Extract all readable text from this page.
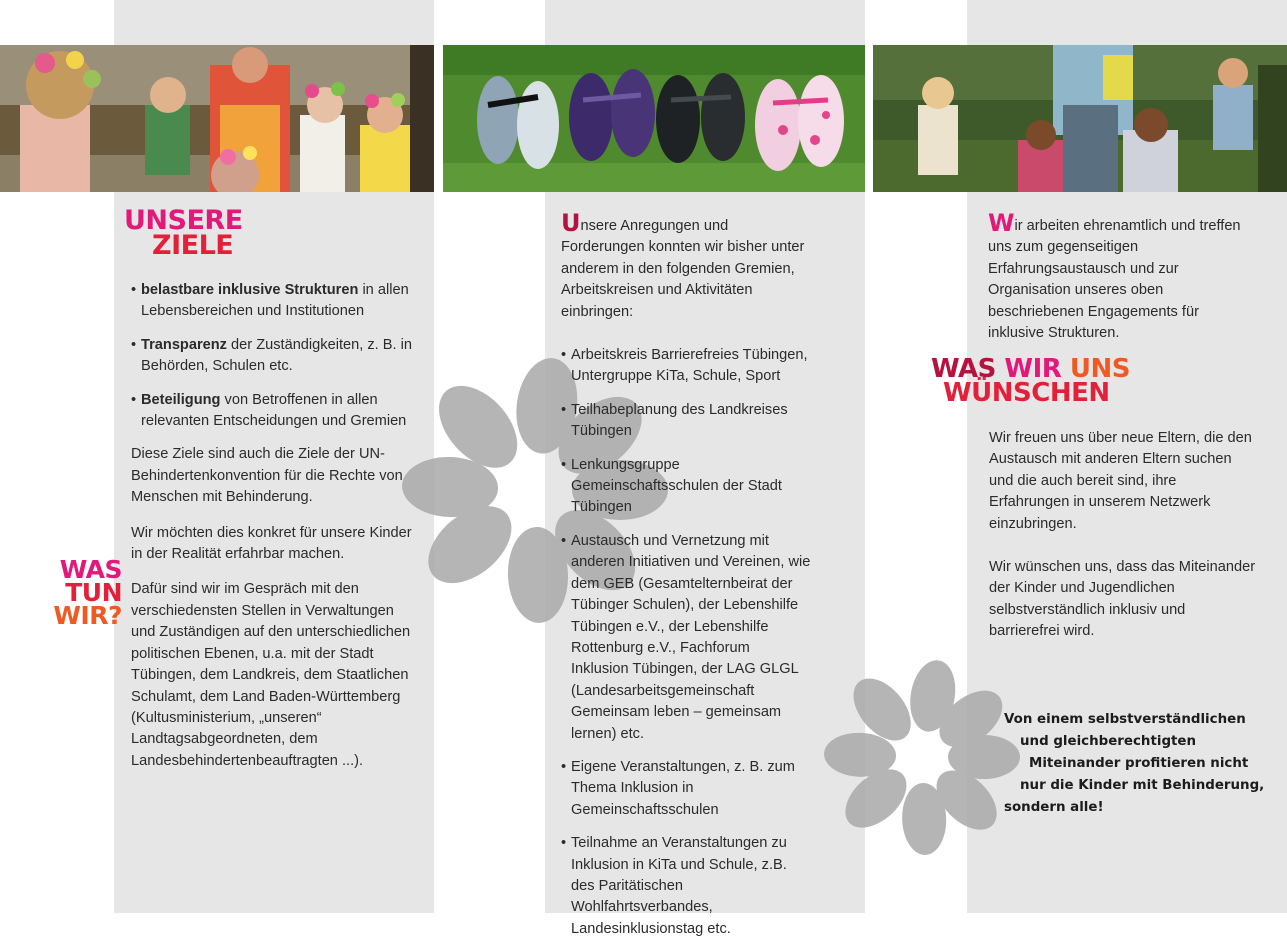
UNSERE
ZIELE
• belastbare inklusive Strukturen in allen Lebensbereichen und Institutionen
• Transparenz der Zuständigkeiten, z. B. in Behörden, Schulen etc.
• Beteiligung von Betroffenen in allen relevanten Entscheidungen und Gremien

Diese Ziele sind auch die Ziele der UN-Behindertenkonvention für die Rechte von Menschen mit Behinderung.

Wir möchten dies konkret für unsere Kinder in der Realität erfahrbar machen.

Dafür sind wir im Gespräch mit den verschiedensten Stellen in Verwaltungen und Zuständigen auf den unterschiedlichen politischen Ebenen, u.a. mit der Stadt Tübingen, dem Landkreis, dem Staatlichen Schulamt, dem Land Baden-Württemberg (Kultusministerium, „unseren“ Landtagsabgeordneten, dem Landesbehindertenbeauftragten ...).

WAS
TUN
WIR?

Unsere Anregungen und Forderungen konnten wir bisher unter anderem in den folgenden Gremien, Arbeitskreisen und Aktivitäten einbringen:

• Arbeitskreis Barrierefreies Tübingen, Untergruppe KiTa, Schule, Sport
• Teilhabeplanung des Landkreises Tübingen
• Lenkungsgruppe Gemeinschaftsschulen der Stadt Tübingen
• Austausch und Vernetzung mit anderen Initiativen und Vereinen, wie dem GEB (Gesamtelternbeirat der Tübinger Schulen), der Lebenshilfe Tübingen e.V., der Lebenshilfe Rottenburg e.V., Fachforum Inklusion Tübingen, der LAG GLGL (Landesarbeitsgemeinschaft Gemeinsam leben – gemeinsam lernen) etc.
• Eigene Veranstaltungen, z. B. zum Thema Inklusion in Gemeinschaftsschulen
• Teilnahme an Veranstaltungen zu Inklusion in KiTa und Schule, z.B. des Paritätischen Wohlfahrtsverbandes, Landesinklusionstag etc.

Wir arbeiten ehrenamtlich und treffen uns zum gegenseitigen Erfahrungsaustausch und zur Organisation unseres oben beschriebenen Engagements für inklusive Strukturen.

WAS WIR UNS
WÜNSCHEN

Wir freuen uns über neue Eltern, die den Austausch mit anderen Eltern suchen und die auch bereit sind, ihre Erfahrungen in unserem Netzwerk einzubringen.

Wir wünschen uns, dass das Miteinander der Kinder und Jugendlichen selbstverständlich inklusiv und barrierefrei wird.

Von einem selbstverständlichen
und gleichberechtigten
Miteinander profitieren nicht
nur die Kinder mit Behinderung,
sondern alle!
